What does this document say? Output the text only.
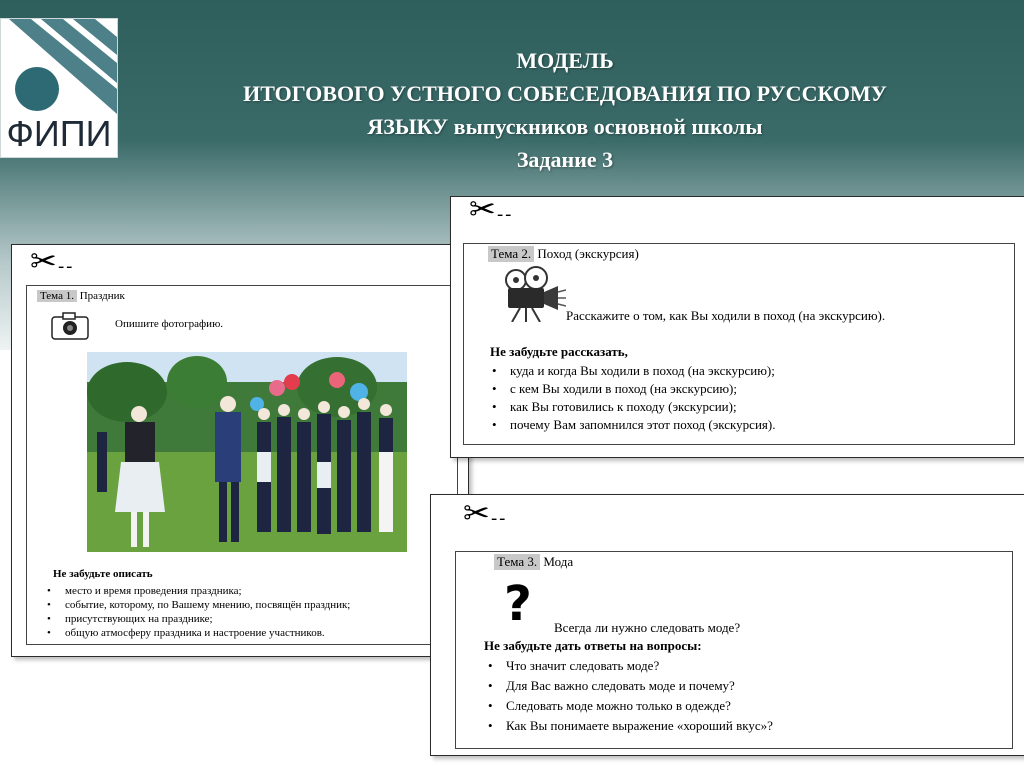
ФИПИ
МОДЕЛЬ
ИТОГОВОГО УСТНОГО СОБЕСЕДОВАНИЯ ПО РУССКОМУ
ЯЗЫКУ выпускников основной школы
Задание 3
✂ - -
Тема 1. Праздник
Опишите фотографию.
Не забудьте описать
• место и время проведения праздника;
• событие, которому, по Вашему мнению, посвящён праздник;
• присутствующих на празднике;
• общую атмосферу праздника и настроение участников.
✂ - -
Тема 2. Поход (экскурсия)
Расскажите о том, как Вы ходили в поход (на экскурсию).
Не забудьте рассказать,
• куда и когда Вы ходили в поход (на экскурсию);
• с кем Вы ходили в поход (на экскурсию);
• как Вы готовились к походу (экскурсии);
• почему Вам запомнился этот поход (экскурсия).
✂ - -
Тема 3. Мода
? Всегда ли нужно следовать моде?
Не забудьте дать ответы на вопросы:
• Что значит следовать моде?
• Для Вас важно следовать моде и почему?
• Следовать моде можно только в одежде?
• Как Вы понимаете выражение «хороший вкус»?
